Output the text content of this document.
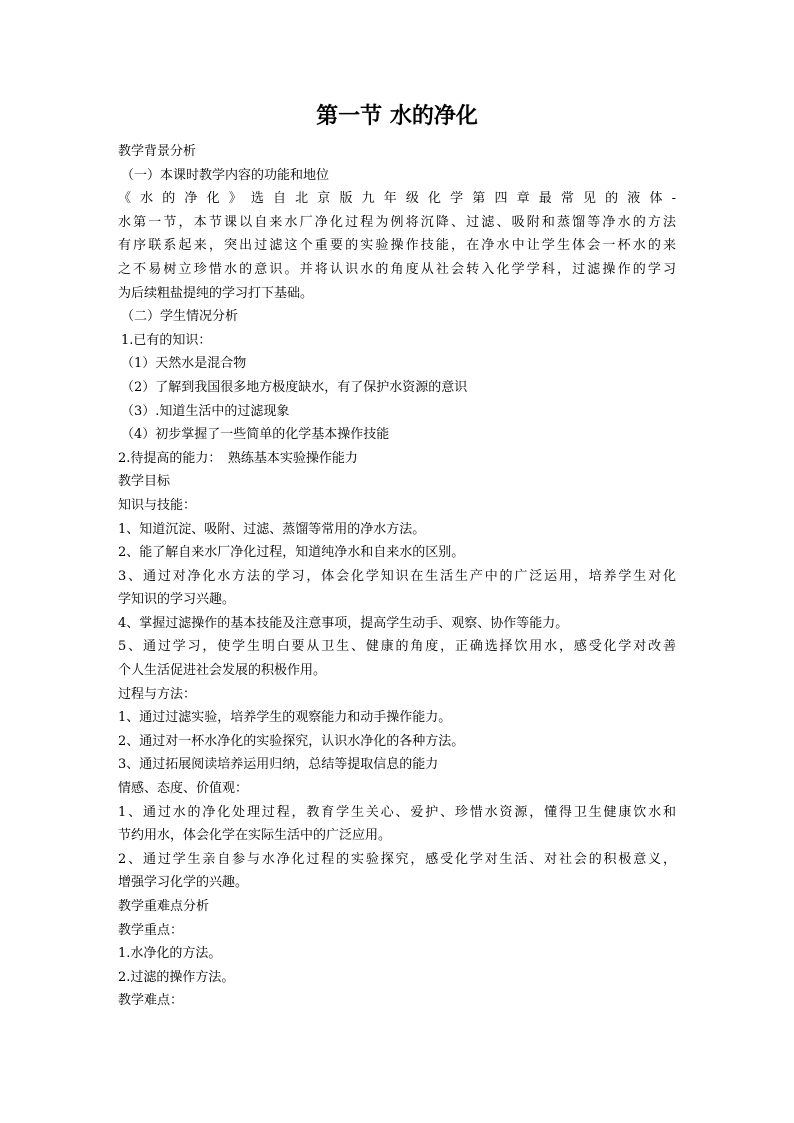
第一节 水的净化
教学背景分析
（一）本课时教学内容的功能和地位
《水的净化》选自北京版九年级化学第四章最常见的液体-
水第一节，本节课以自来水厂净化过程为例将沉降、过滤、吸附和蒸馏等净水的方法
有序联系起来，突出过滤这个重要的实验操作技能，在净水中让学生体会一杯水的来
之不易树立珍惜水的意识。并将认识水的角度从社会转入化学学科，过滤操作的学习
为后续粗盐提纯的学习打下基础。
（二）学生情况分析
1.已有的知识：
（1）天然水是混合物
（2）了解到我国很多地方极度缺水，有了保护水资源的意识
（3）.知道生活中的过滤现象
（4）初步掌握了一些简单的化学基本操作技能
2.待提高的能力：　熟练基本实验操作能力
教学目标
知识与技能：
1、知道沉淀、吸附、过滤、蒸馏等常用的净水方法。
2、能了解自来水厂净化过程，知道纯净水和自来水的区别。
3、通过对净化水方法的学习，体会化学知识在生活生产中的广泛运用，培养学生对化
学知识的学习兴趣。
4、掌握过滤操作的基本技能及注意事项，提高学生动手、观察、协作等能力。
5、通过学习，使学生明白要从卫生、健康的角度，正确选择饮用水，感受化学对改善
个人生活促进社会发展的积极作用。
过程与方法：
1、通过过滤实验，培养学生的观察能力和动手操作能力。
2、通过对一杯水净化的实验探究，认识水净化的各种方法。
3、通过拓展阅读培养运用归纳，总结等提取信息的能力
情感、态度、价值观：
1、通过水的净化处理过程，教育学生关心、爱护、珍惜水资源，懂得卫生健康饮水和
节约用水，体会化学在实际生活中的广泛应用。
2、通过学生亲自参与水净化过程的实验探究，感受化学对生活、对社会的积极意义，
增强学习化学的兴趣。
教学重难点分析
教学重点：
1.水净化的方法。
2.过滤的操作方法。
教学难点：
